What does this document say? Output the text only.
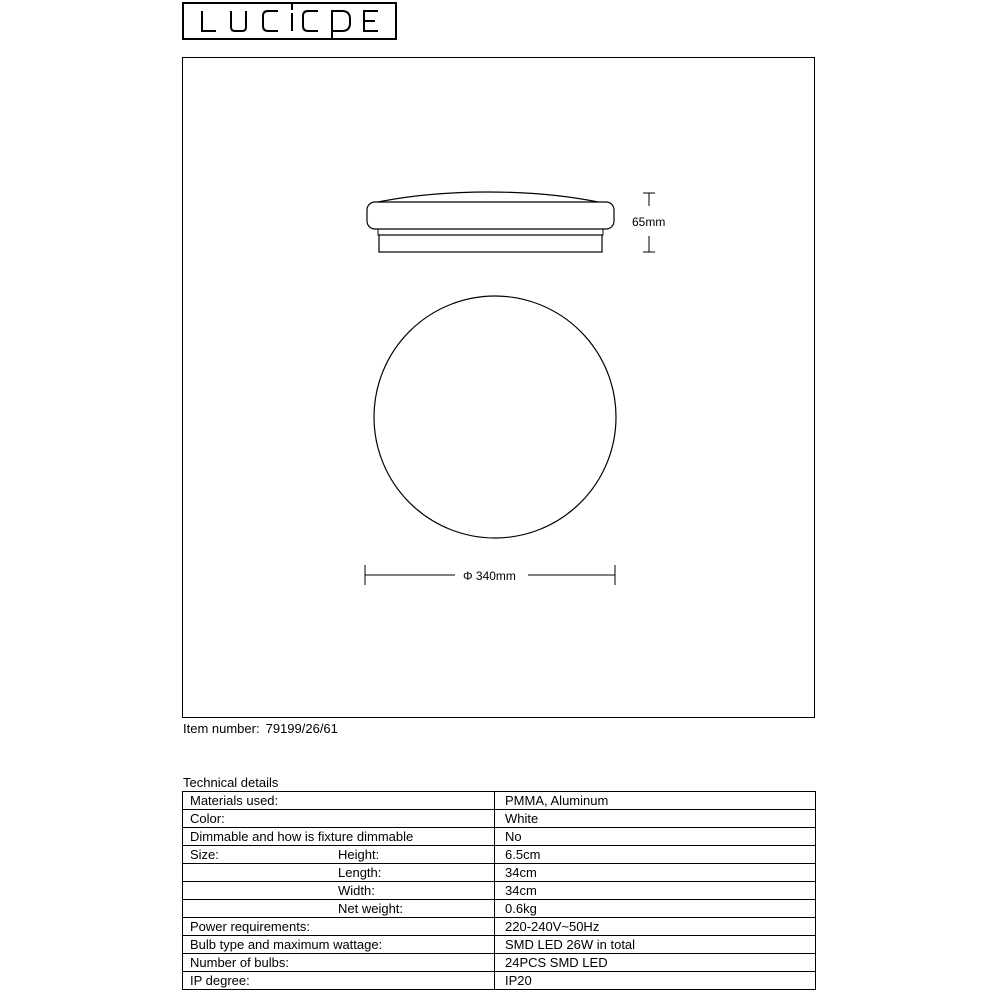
65mm
Φ 340mm
Item number: 79199/26/61
Technical details
Materials used:	PMMA, Aluminum
Color:	White
Dimmable and how is fixture dimmable	No
Size: Height:	6.5cm
Length:	34cm
Width:	34cm
Net weight:	0.6kg
Power requirements:	220-240V~50Hz
Bulb type and maximum wattage:	SMD LED 26W in total
Number of bulbs:	24PCS SMD LED
IP degree:	IP20
